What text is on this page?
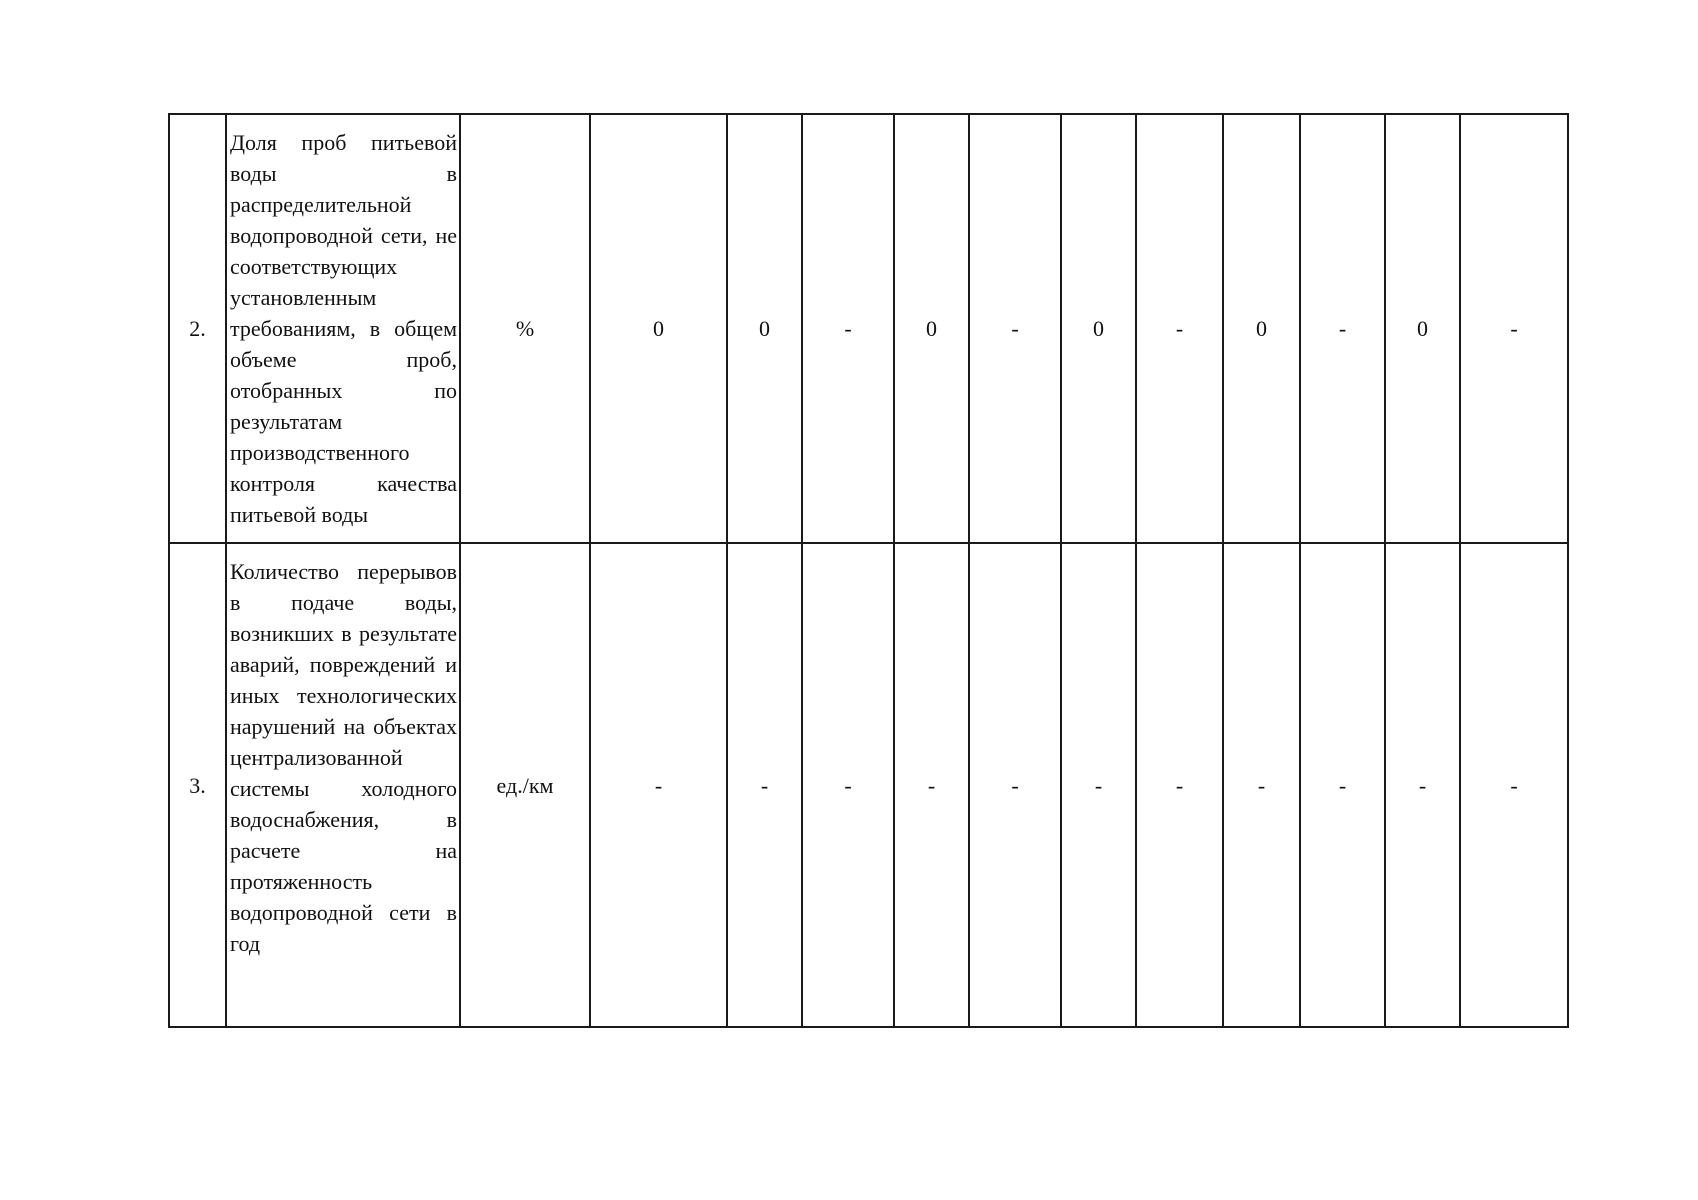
2.	Доля проб питьевой воды в распределительной водопроводной сети, не соответствующих установленным требованиям, в общем объеме проб, отобранных по результатам производственного контроля качества питьевой воды	%	0	0	-	0	-	0	-	0	-	0	-
3.	Количество перерывов в подаче воды, возникших в результате аварий, повреждений и иных технологических нарушений на объектах централизованной системы холодного водоснабжения, в расчете на протяженность водопроводной сети в год	ед./км	-	-	-	-	-	-	-	-	-	-	-
